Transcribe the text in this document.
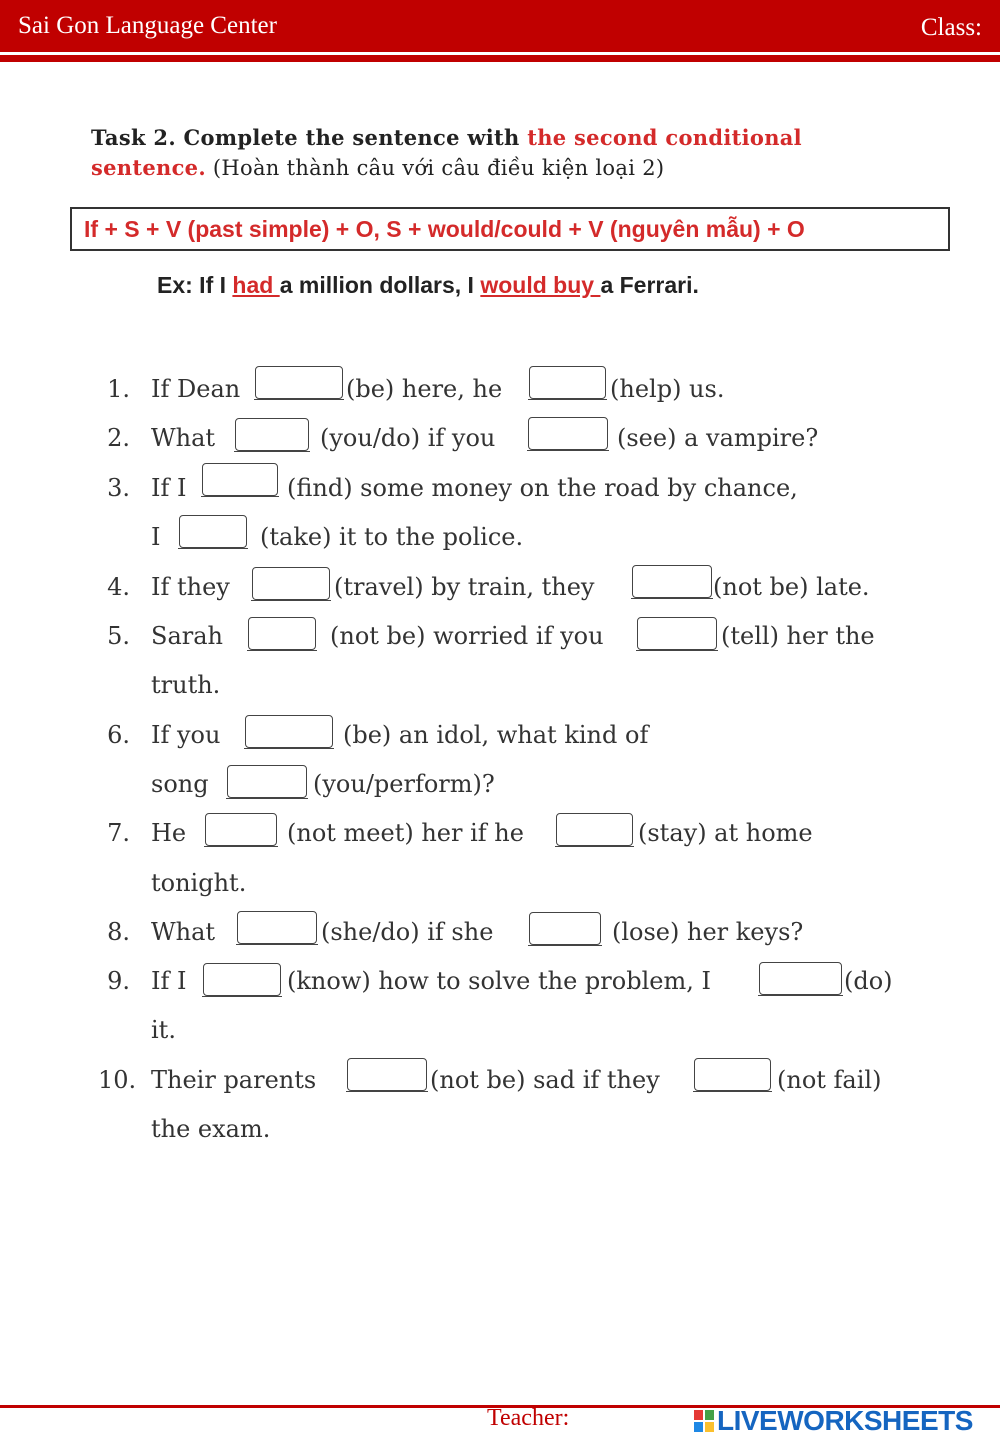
Sai Gon Language Center	Class:
Task 2. Complete the sentence with the second conditional sentence. (Hoàn thành câu với câu điều kiện loại 2)
If + S + V (past simple) + O, S + would/could + V (nguyên mẫu) + O
Ex: If I had a million dollars, I would buy a Ferrari.
1. If Dean	(be) here, he	(help) us.
2. What	(you/do) if you	(see) a vampire?
3. If I	(find) some money on the road by chance,
I	(take) it to the police.
4. If they	(travel) by train, they	(not be) late.
5. Sarah	(not be) worried if you	(tell) her the
truth.
6. If you	(be) an idol, what kind of
song	(you/perform)?
7. He	(not meet) her if he	(stay) at home
tonight.
8. What	(she/do) if she	(lose) her keys?
9. If I	(know) how to solve the problem, I	(do)
it.
10. Their parents	(not be) sad if they	(not fail)
the exam.
Teacher:	LIVEWORKSHEETS
